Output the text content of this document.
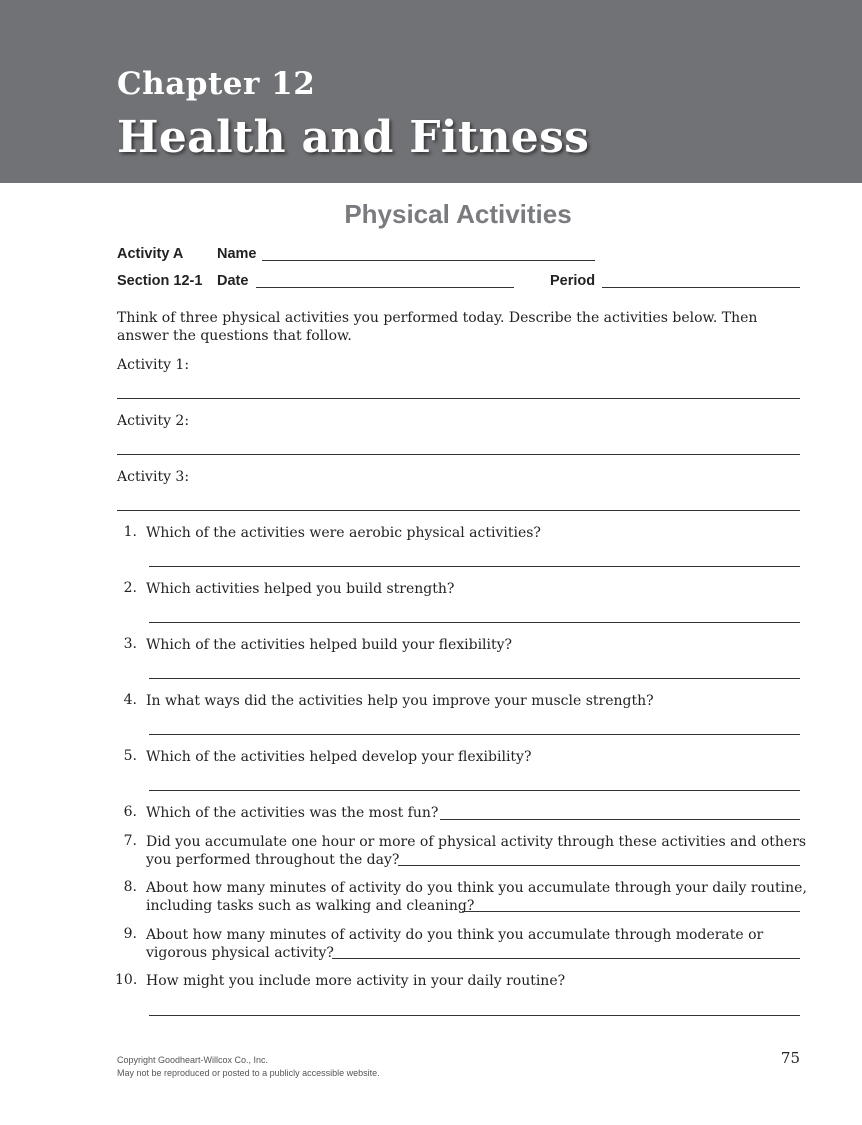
Chapter 12
Health and Fitness
Physical Activities
Activity A Name
Section 12-1 Date	Period
Think of three physical activities you performed today. Describe the activities below. Then answer the questions that follow.
Activity 1:
Activity 2:
Activity 3:
1. Which of the activities were aerobic physical activities?
2. Which activities helped you build strength?
3. Which of the activities helped build your flexibility?
4. In what ways did the activities help you improve your muscle strength?
5. Which of the activities helped develop your flexibility?
6. Which of the activities was the most fun?
7. Did you accumulate one hour or more of physical activity through these activities and others
you performed throughout the day?
8. About how many minutes of activity do you think you accumulate through your daily routine,
including tasks such as walking and cleaning?
9. About how many minutes of activity do you think you accumulate through moderate or
vigorous physical activity?
10. How might you include more activity in your daily routine?
Copyright Goodheart-Willcox Co., Inc.
May not be reproduced or posted to a publicly accessible website.
75
